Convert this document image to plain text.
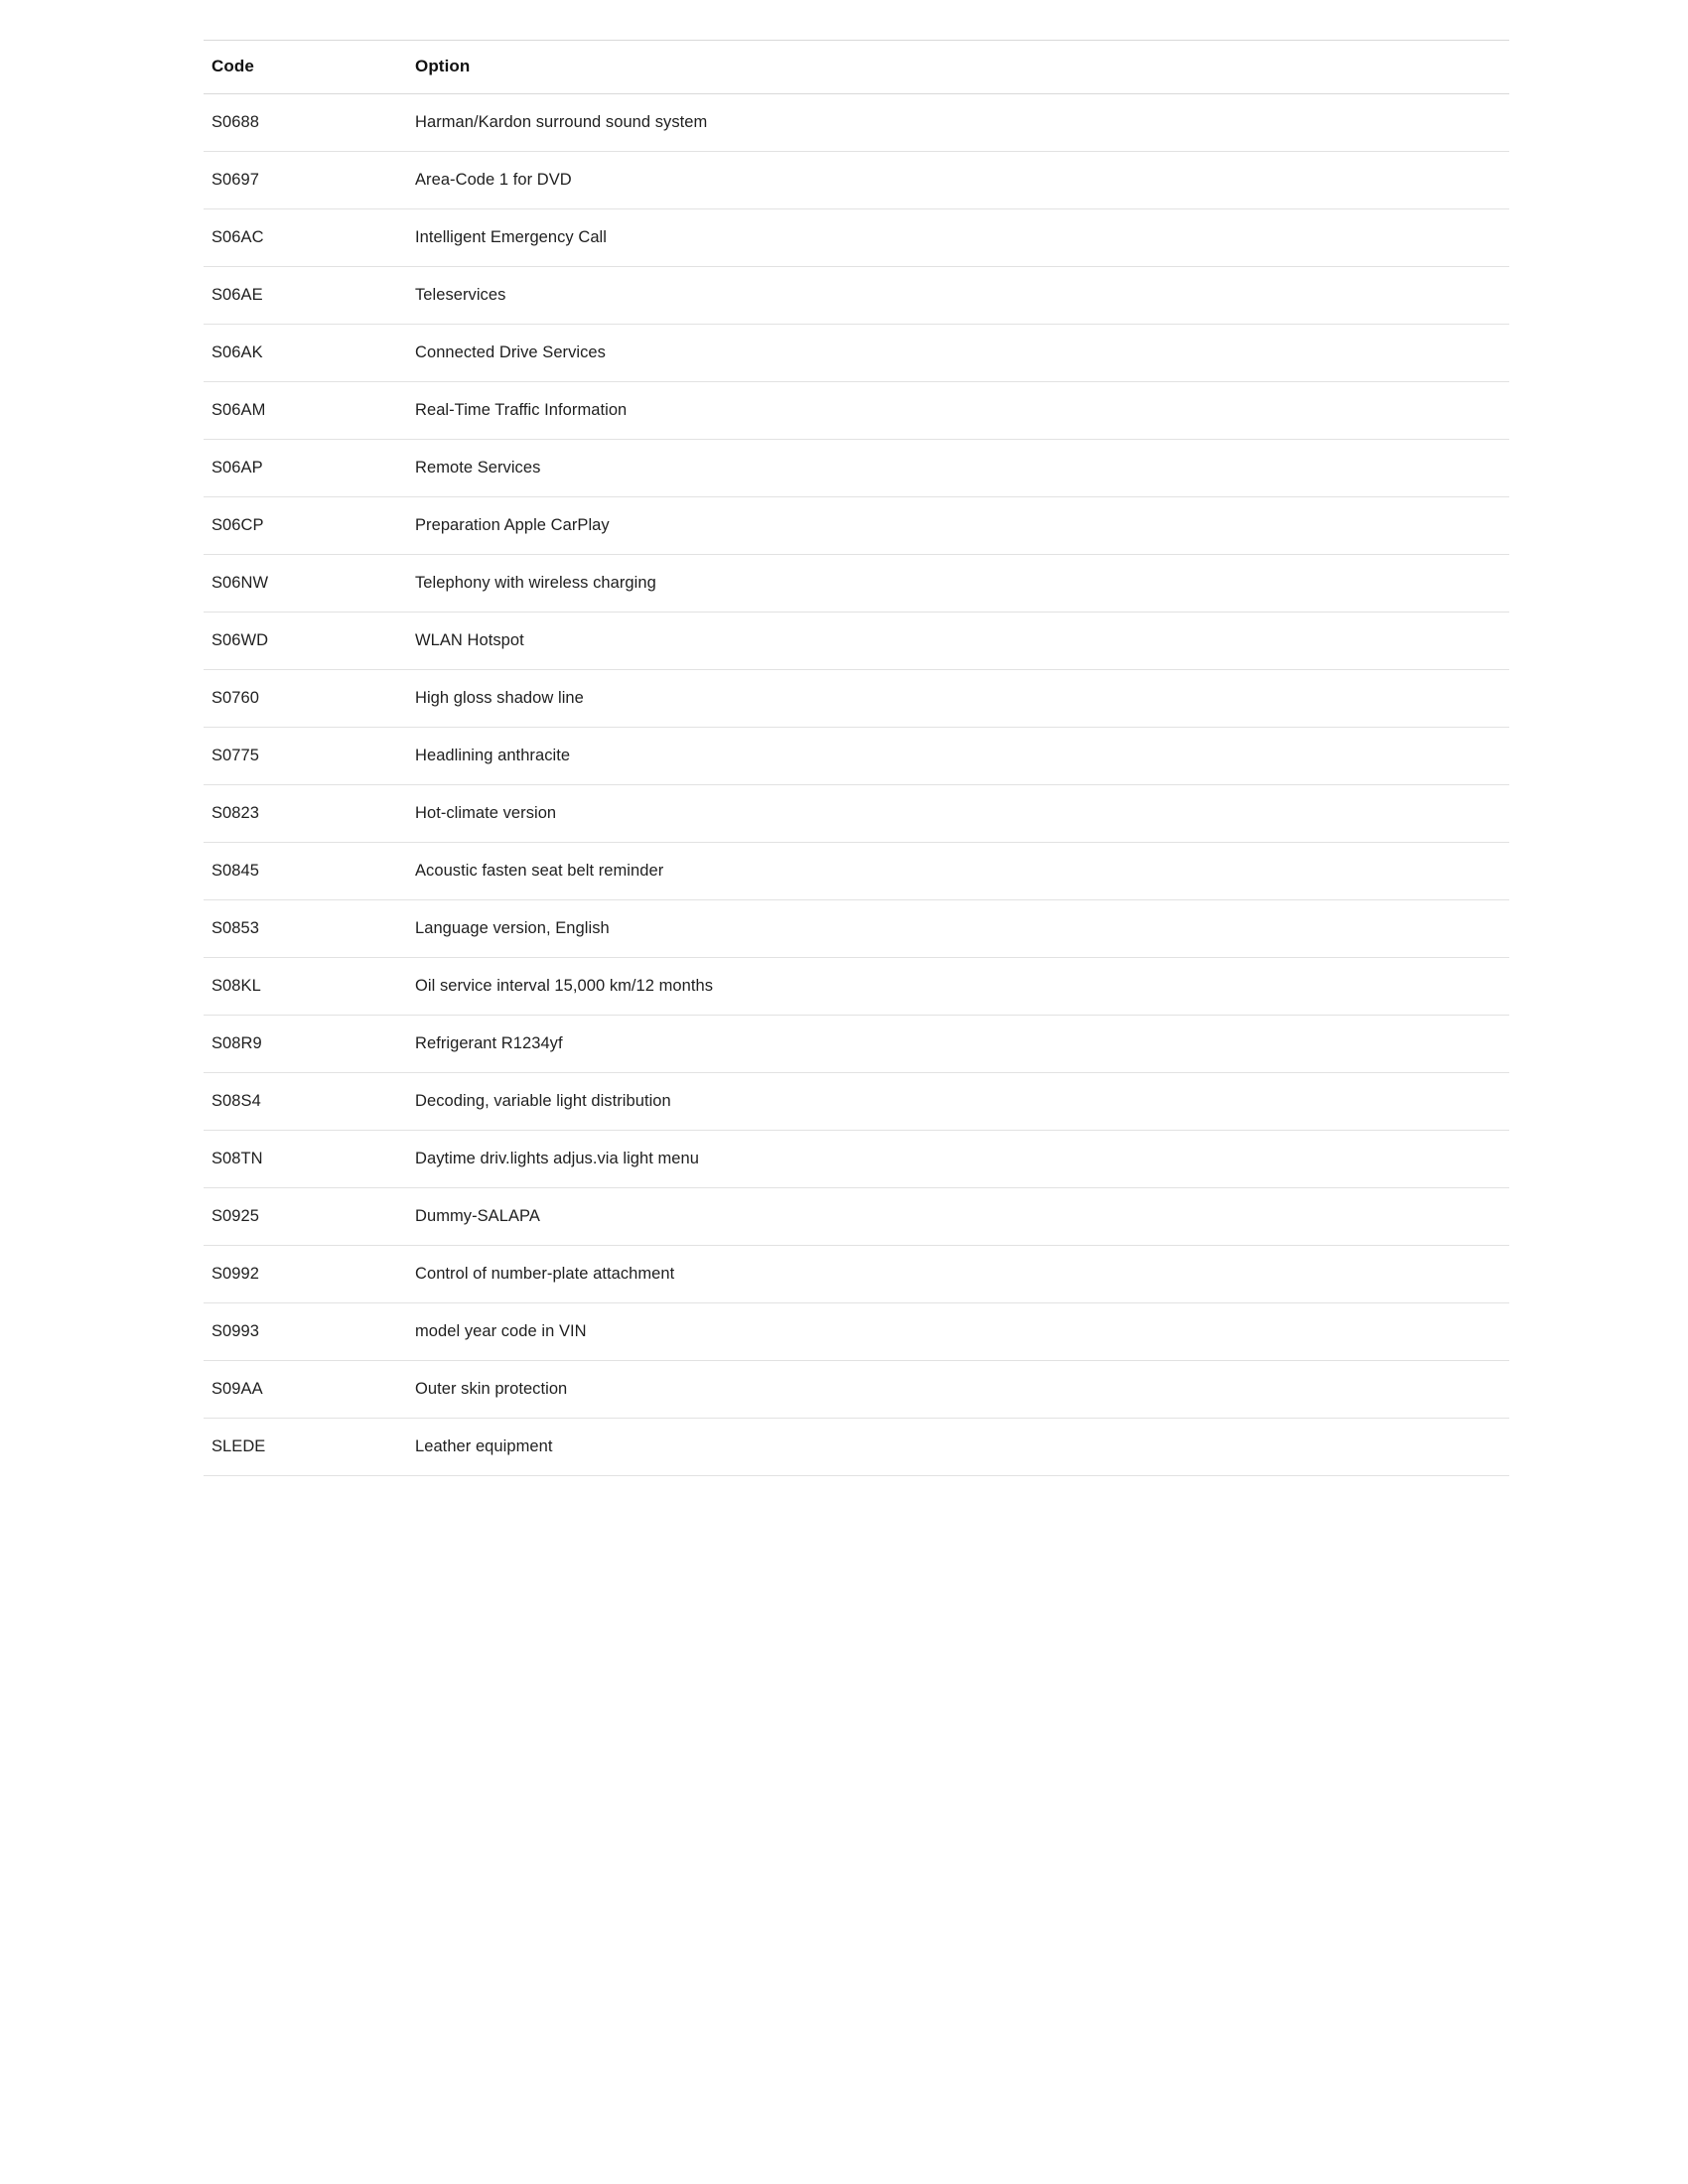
Code	Option
S0688	Harman/Kardon surround sound system
S0697	Area-Code 1 for DVD
S06AC	Intelligent Emergency Call
S06AE	Teleservices
S06AK	Connected Drive Services
S06AM	Real-Time Traffic Information
S06AP	Remote Services
S06CP	Preparation Apple CarPlay
S06NW	Telephony with wireless charging
S06WD	WLAN Hotspot
S0760	High gloss shadow line
S0775	Headlining anthracite
S0823	Hot-climate version
S0845	Acoustic fasten seat belt reminder
S0853	Language version, English
S08KL	Oil service interval 15,000 km/12 months
S08R9	Refrigerant R1234yf
S08S4	Decoding, variable light distribution
S08TN	Daytime driv.lights adjus.via light menu
S0925	Dummy-SALAPA
S0992	Control of number-plate attachment
S0993	model year code in VIN
S09AA	Outer skin protection
SLEDE	Leather equipment
